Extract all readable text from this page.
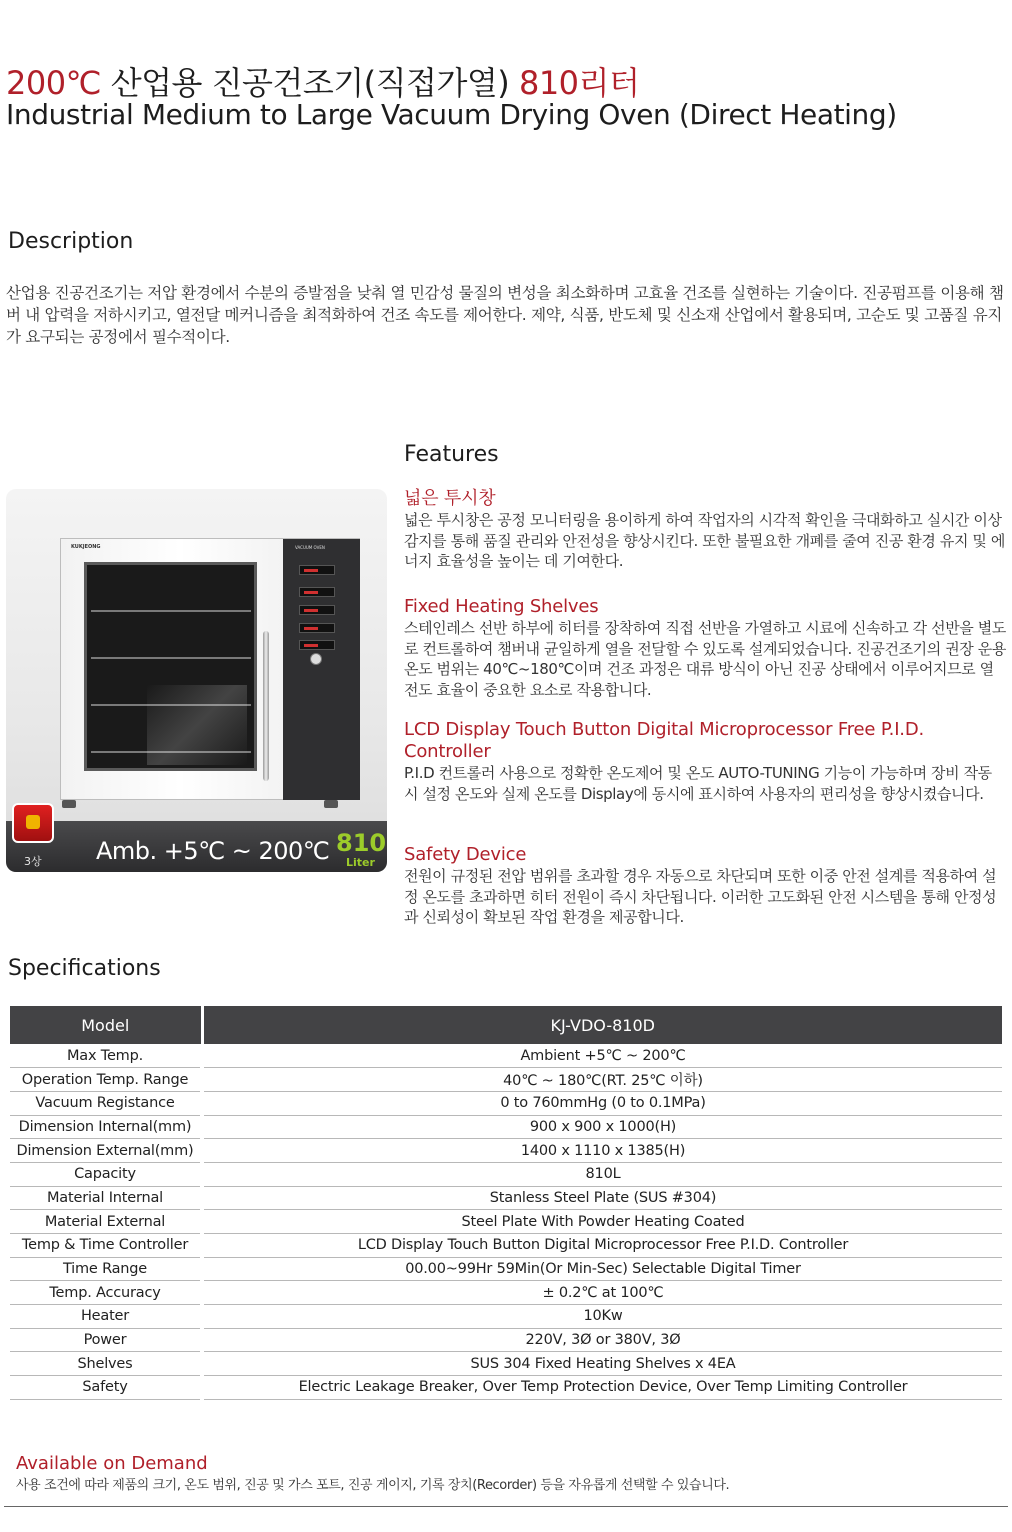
200℃ 산업용 진공건조기(직접가열) 810리터
Industrial Medium to Large Vacuum Drying Oven (Direct Heating)
Description
산업용 진공건조기는 저압 환경에서 수분의 증발점을 낮춰 열 민감성 물질의 변성을 최소화하며 고효율 건조를 실현하는 기술이다. 진공펌프를 이용해 챔버 내 압력을 저하시키고, 열전달 메커니즘을 최적화하여 건조 속도를 제어한다. 제약, 식품, 반도체 및 신소재 산업에서 활용되며, 고순도 및 고품질 유지가 요구되는 공정에서 필수적이다.
KUKJEONG	VACUUM OVEN
3상 Amb. +5℃ ~ 200℃ 810
Liter
Features
넓은 투시창
넓은 투시창은 공정 모니터링을 용이하게 하여 작업자의 시각적 확인을 극대화하고 실시간 이상 감지를 통해 품질 관리와 안전성을 향상시킨다. 또한 불필요한 개폐를 줄여 진공 환경 유지 및 에너지 효율성을 높이는 데 기여한다.
Fixed Heating Shelves
스테인레스 선반 하부에 히터를 장착하여 직접 선반을 가열하고 시료에 신속하고 각 선반을 별도로 컨트롤하여 챔버내 균일하게 열을 전달할 수 있도록 설계되었습니다. 진공건조기의 권장 운용 온도 범위는 40℃~180℃이며 건조 과정은 대류 방식이 아닌 진공 상태에서 이루어지므로 열전도 효율이 중요한 요소로 작용합니다.
LCD Display Touch Button Digital Microprocessor Free P.I.D. Controller
P.I.D 컨트롤러 사용으로 정확한 온도제어 및 온도 AUTO-TUNING 기능이 가능하며 장비 작동 시 설정 온도와 실제 온도를 Display에 동시에 표시하여 사용자의 편리성을 향상시켰습니다.
Safety Device
전원이 규정된 전압 범위를 초과할 경우 자동으로 차단되며 또한 이중 안전 설계를 적용하여 설정 온도를 초과하면 히터 전원이 즉시 차단됩니다. 이러한 고도화된 안전 시스템을 통해 안정성과 신뢰성이 확보된 작업 환경을 제공합니다.
Specifications
Model	KJ-VDO-810D
Max Temp.	Ambient +5℃ ~ 200℃
Operation Temp. Range	40℃ ~ 180℃(RT. 25℃ 이하)
Vacuum Registance	0 to 760mmHg (0 to 0.1MPa)
Dimension Internal(mm)	900 x 900 x 1000(H)
Dimension External(mm)	1400 x 1110 x 1385(H)
Capacity	810L
Material Internal	Stanless Steel Plate (SUS #304)
Material External	Steel Plate With Powder Heating Coated
Temp & Time Controller	LCD Display Touch Button Digital Microprocessor Free P.I.D. Controller
Time Range	00.00~99Hr 59Min(Or Min-Sec) Selectable Digital Timer
Temp. Accuracy	± 0.2℃ at 100℃
Heater	10Kw
Power	220V, 3Ø or 380V, 3Ø
Shelves	SUS 304 Fixed Heating Shelves x 4EA
Safety	Electric Leakage Breaker, Over Temp Protection Device, Over Temp Limiting Controller
Available on Demand
사용 조건에 따라 제품의 크기, 온도 범위, 진공 및 가스 포트, 진공 게이지, 기록 장치(Recorder) 등을 자유롭게 선택할 수 있습니다.
